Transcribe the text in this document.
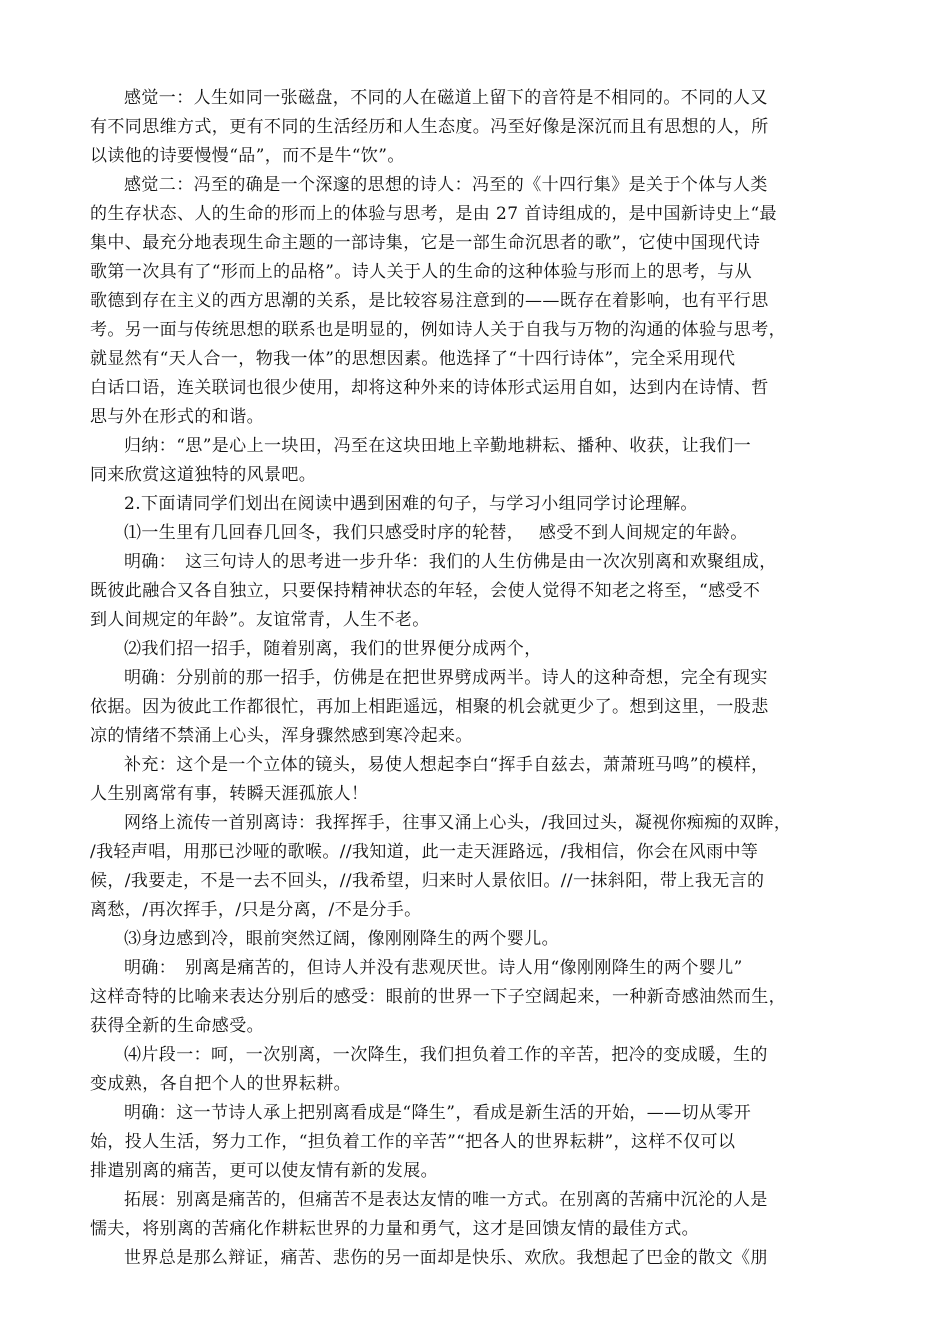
感觉一：人生如同一张磁盘，不同的人在磁道上留下的音符是不相同的。不同的人又
有不同思维方式，更有不同的生活经历和人生态度。冯至好像是深沉而且有思想的人，所
以读他的诗要慢慢“品”，而不是牛“饮”。
感觉二：冯至的确是一个深邃的思想的诗人：冯至的《十四行集》是关于个体与人类
的生存状态、人的生命的形而上的体验与思考，是由 27 首诗组成的，是中国新诗史上“最
集中、最充分地表现生命主题的一部诗集，它是一部生命沉思者的歌”，它使中国现代诗
歌第一次具有了“形而上的品格”。诗人关于人的生命的这种体验与形而上的思考，与从
歌德到存在主义的西方思潮的关系，是比较容易注意到的——既存在着影响，也有平行思
考。另一面与传统思想的联系也是明显的，例如诗人关于自我与万物的沟通的体验与思考，
就显然有“天人合一，物我一体”的思想因素。他选择了“十四行诗体”，完全采用现代
白话口语，连关联词也很少使用，却将这种外来的诗体形式运用自如，达到内在诗情、哲
思与外在形式的和谐。
归纳：“思”是心上一块田，冯至在这块田地上辛勤地耕耘、播种、收获，让我们一
同来欣赏这道独特的风景吧。
2.下面请同学们划出在阅读中遇到困难的句子，与学习小组同学讨论理解。
⑴一生里有几回春几回冬，我们只感受时序的轮替，　 感受不到人间规定的年龄。
明确：　这三句诗人的思考进一步升华：我们的人生仿佛是由一次次别离和欢聚组成，
既彼此融合又各自独立，只要保持精神状态的年轻，会使人觉得不知老之将至，“感受不
到人间规定的年龄”。友谊常青，人生不老。
⑵我们招一招手，随着别离，我们的世界便分成两个，
明确：分别前的那一招手，仿佛是在把世界劈成两半。诗人的这种奇想，完全有现实
依据。因为彼此工作都很忙，再加上相距遥远，相聚的机会就更少了。想到这里，一股悲
凉的情绪不禁涌上心头，浑身骤然感到寒冷起来。
补充：这个是一个立体的镜头，易使人想起李白“挥手自兹去，萧萧班马鸣”的模样，
人生别离常有事，转瞬天涯孤旅人！
网络上流传一首别离诗：我挥挥手，往事又涌上心头，/我回过头，凝视你痴痴的双眸，
/我轻声唱，用那已沙哑的歌喉。//我知道，此一走天涯路远，/我相信，你会在风雨中等
候，/我要走，不是一去不回头，//我希望，归来时人景依旧。//一抹斜阳，带上我无言的
离愁，/再次挥手，/只是分离，/不是分手。
⑶身边感到冷，眼前突然辽阔，像刚刚降生的两个婴儿。
明确：　别离是痛苦的，但诗人并没有悲观厌世。诗人用“像刚刚降生的两个婴儿”
这样奇特的比喻来表达分别后的感受：眼前的世界一下子空阔起来，一种新奇感油然而生，
获得全新的生命感受。
⑷片段一：呵，一次别离，一次降生，我们担负着工作的辛苦，把冷的变成暖，生的
变成熟，各自把个人的世界耘耕。
明确：这一节诗人承上把别离看成是“降生”，看成是新生活的开始，——切从零开
始，投人生活，努力工作，“担负着工作的辛苦”“把各人的世界耘耕”，这样不仅可以
排遣别离的痛苦，更可以使友情有新的发展。
拓展：别离是痛苦的，但痛苦不是表达友情的唯一方式。在别离的苦痛中沉沦的人是
懦夫，将别离的苦痛化作耕耘世界的力量和勇气，这才是回馈友情的最佳方式。
世界总是那么辩证，痛苦、悲伤的另一面却是快乐、欢欣。我想起了巴金的散文《朋
